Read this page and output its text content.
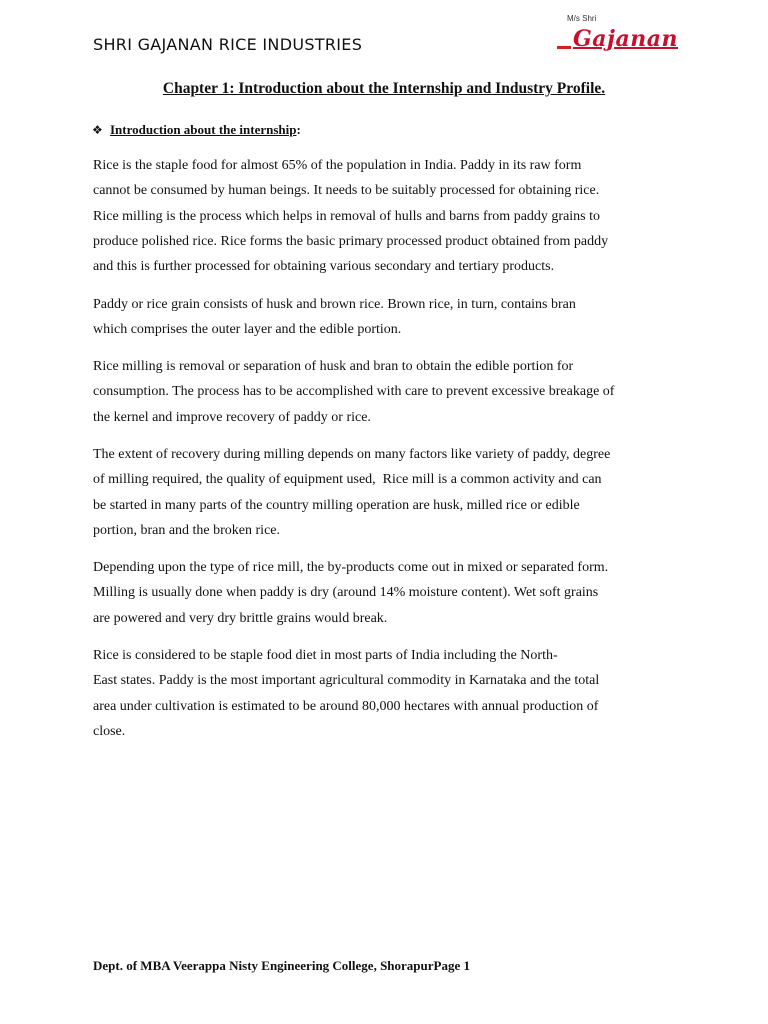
SHRI GAJANAN RICE INDUSTRIES
M/s Shri
Gajanan
Chapter 1: Introduction about the Internship and Industry Profile.
❖ Introduction about the internship:

Rice is the staple food for almost 65% of the population in India. Paddy in its raw form

cannot be consumed by human beings. It needs to be suitably processed for obtaining rice.

Rice milling is the process which helps in removal of hulls and barns from paddy grains to

produce polished rice. Rice forms the basic primary processed product obtained from paddy

and this is further processed for obtaining various secondary and tertiary products.

Paddy or rice grain consists of husk and brown rice. Brown rice, in turn, contains bran

which comprises the outer layer and the edible portion.

Rice milling is removal or separation of husk and bran to obtain the edible portion for

consumption. The process has to be accomplished with care to prevent excessive breakage of

the kernel and improve recovery of paddy or rice.

The extent of recovery during milling depends on many factors like variety of paddy, degree

of milling required, the quality of equipment used,  Rice mill is a common activity and can

be started in many parts of the country milling operation are husk, milled rice or edible

portion, bran and the broken rice.

Depending upon the type of rice mill, the by-products come out in mixed or separated form.

Milling is usually done when paddy is dry (around 14% moisture content). Wet soft grains

are powered and very dry brittle grains would break.

Rice is considered to be staple food diet in most parts of India including the North-

East states. Paddy is the most important agricultural commodity in Karnataka and the total

area under cultivation is estimated to be around 80,000 hectares with annual production of

close.

Dept. of MBA Veerappa Nisty Engineering College, ShorapurPage 1
